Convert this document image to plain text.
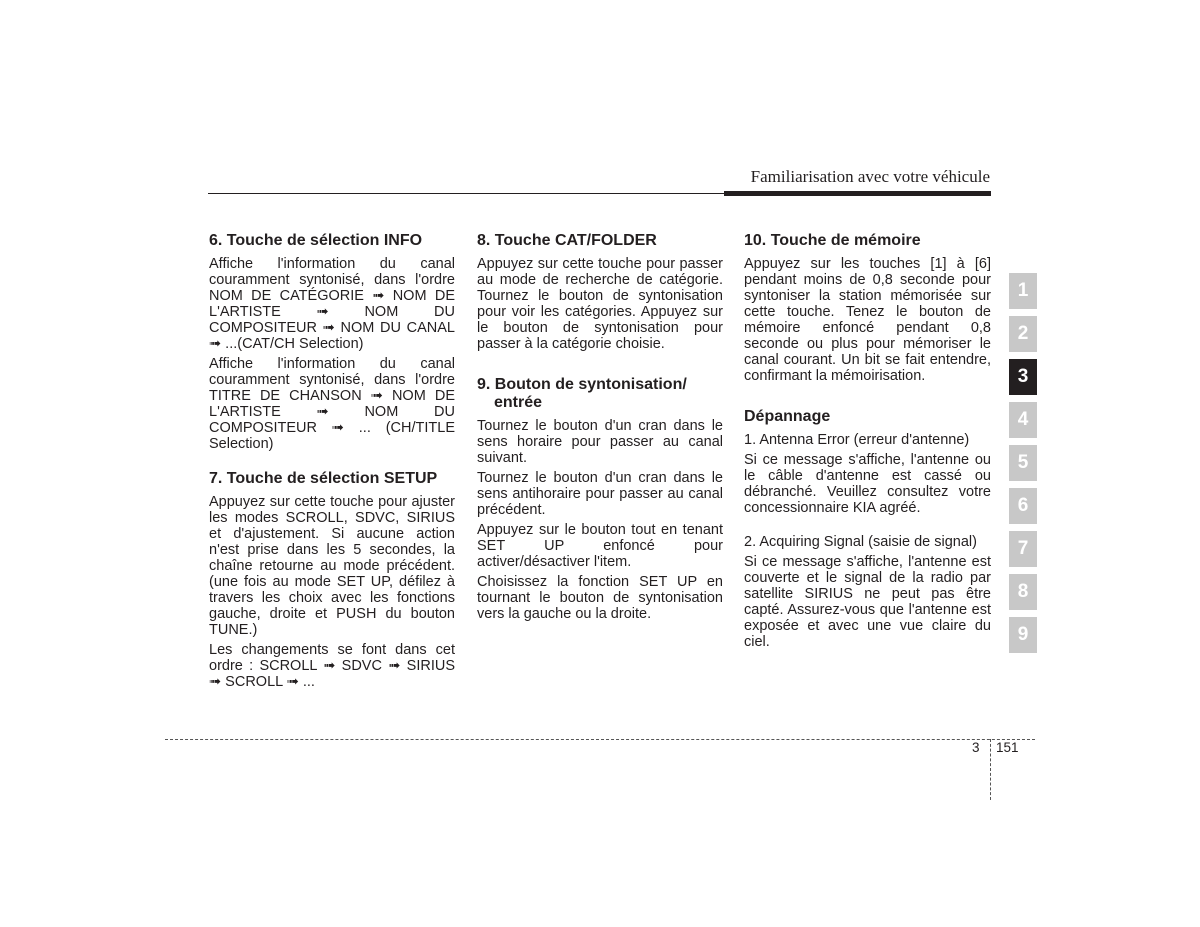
Familiarisation avec votre véhicule
6. Touche de sélection INFO

Affiche l'information du canal couramment syntonisé, dans l'ordre NOM DE CATÉGORIE ➟ NOM DE L'ARTISTE ➟ NOM DU COMPOSITEUR ➟ NOM DU CANAL ➟ ...(CAT/CH Selection)

Affiche l'information du canal couramment syntonisé, dans l'ordre TITRE DE CHANSON ➟ NOM DE L'ARTISTE ➟ NOM DU COMPOSITEUR ➟ ... (CH/TITLE Selection)

7. Touche de sélection SETUP

Appuyez sur cette touche pour ajuster les modes SCROLL, SDVC, SIRIUS et d'ajustement. Si aucune action n'est prise dans les 5 secondes, la chaîne retourne au mode précédent. (une fois au mode SET UP, défilez à travers les choix avec les fonctions gauche, droite et PUSH du bouton TUNE.)

Les changements se font dans cet ordre : SCROLL ➟ SDVC ➟ SIRIUS ➟ SCROLL ➟ ...

8. Touche CAT/FOLDER

Appuyez sur cette touche pour passer au mode de recherche de catégorie. Tournez le bouton de syntonisation pour voir les catégories. Appuyez sur le bouton de syntonisation pour passer à la catégorie choisie.

9. Bouton de syntonisation/ entrée

Tournez le bouton d'un cran dans le sens horaire pour passer au canal suivant.

Tournez le bouton d'un cran dans le sens antihoraire pour passer au canal précédent.

Appuyez sur le bouton tout en tenant SET UP enfoncé pour activer/désactiver l'item.

Choisissez la fonction SET UP en tournant le bouton de syntonisation vers la gauche ou la droite.

10. Touche de mémoire

Appuyez sur les touches [1] à [6] pendant moins de 0,8 seconde pour syntoniser la station mémorisée sur cette touche. Tenez le bouton de mémoire enfoncé pendant 0,8 seconde ou plus pour mémoriser le canal courant. Un bit se fait entendre, confirmant la mémoirisation.

Dépannage

1. Antenna Error (erreur d'antenne)

Si ce message s'affiche, l'antenne ou le câble d'antenne est cassé ou débranché. Veuillez consultez votre concessionnaire KIA agréé.

2. Acquiring Signal (saisie de signal)

Si ce message s'affiche, l'antenne est couverte et le signal de la radio par satellite SIRIUS ne peut pas être capté. Assurez-vous que l'antenne est exposée et avec une vue claire du ciel.

1
2
3
4
5
6
7
8
9
3 151
